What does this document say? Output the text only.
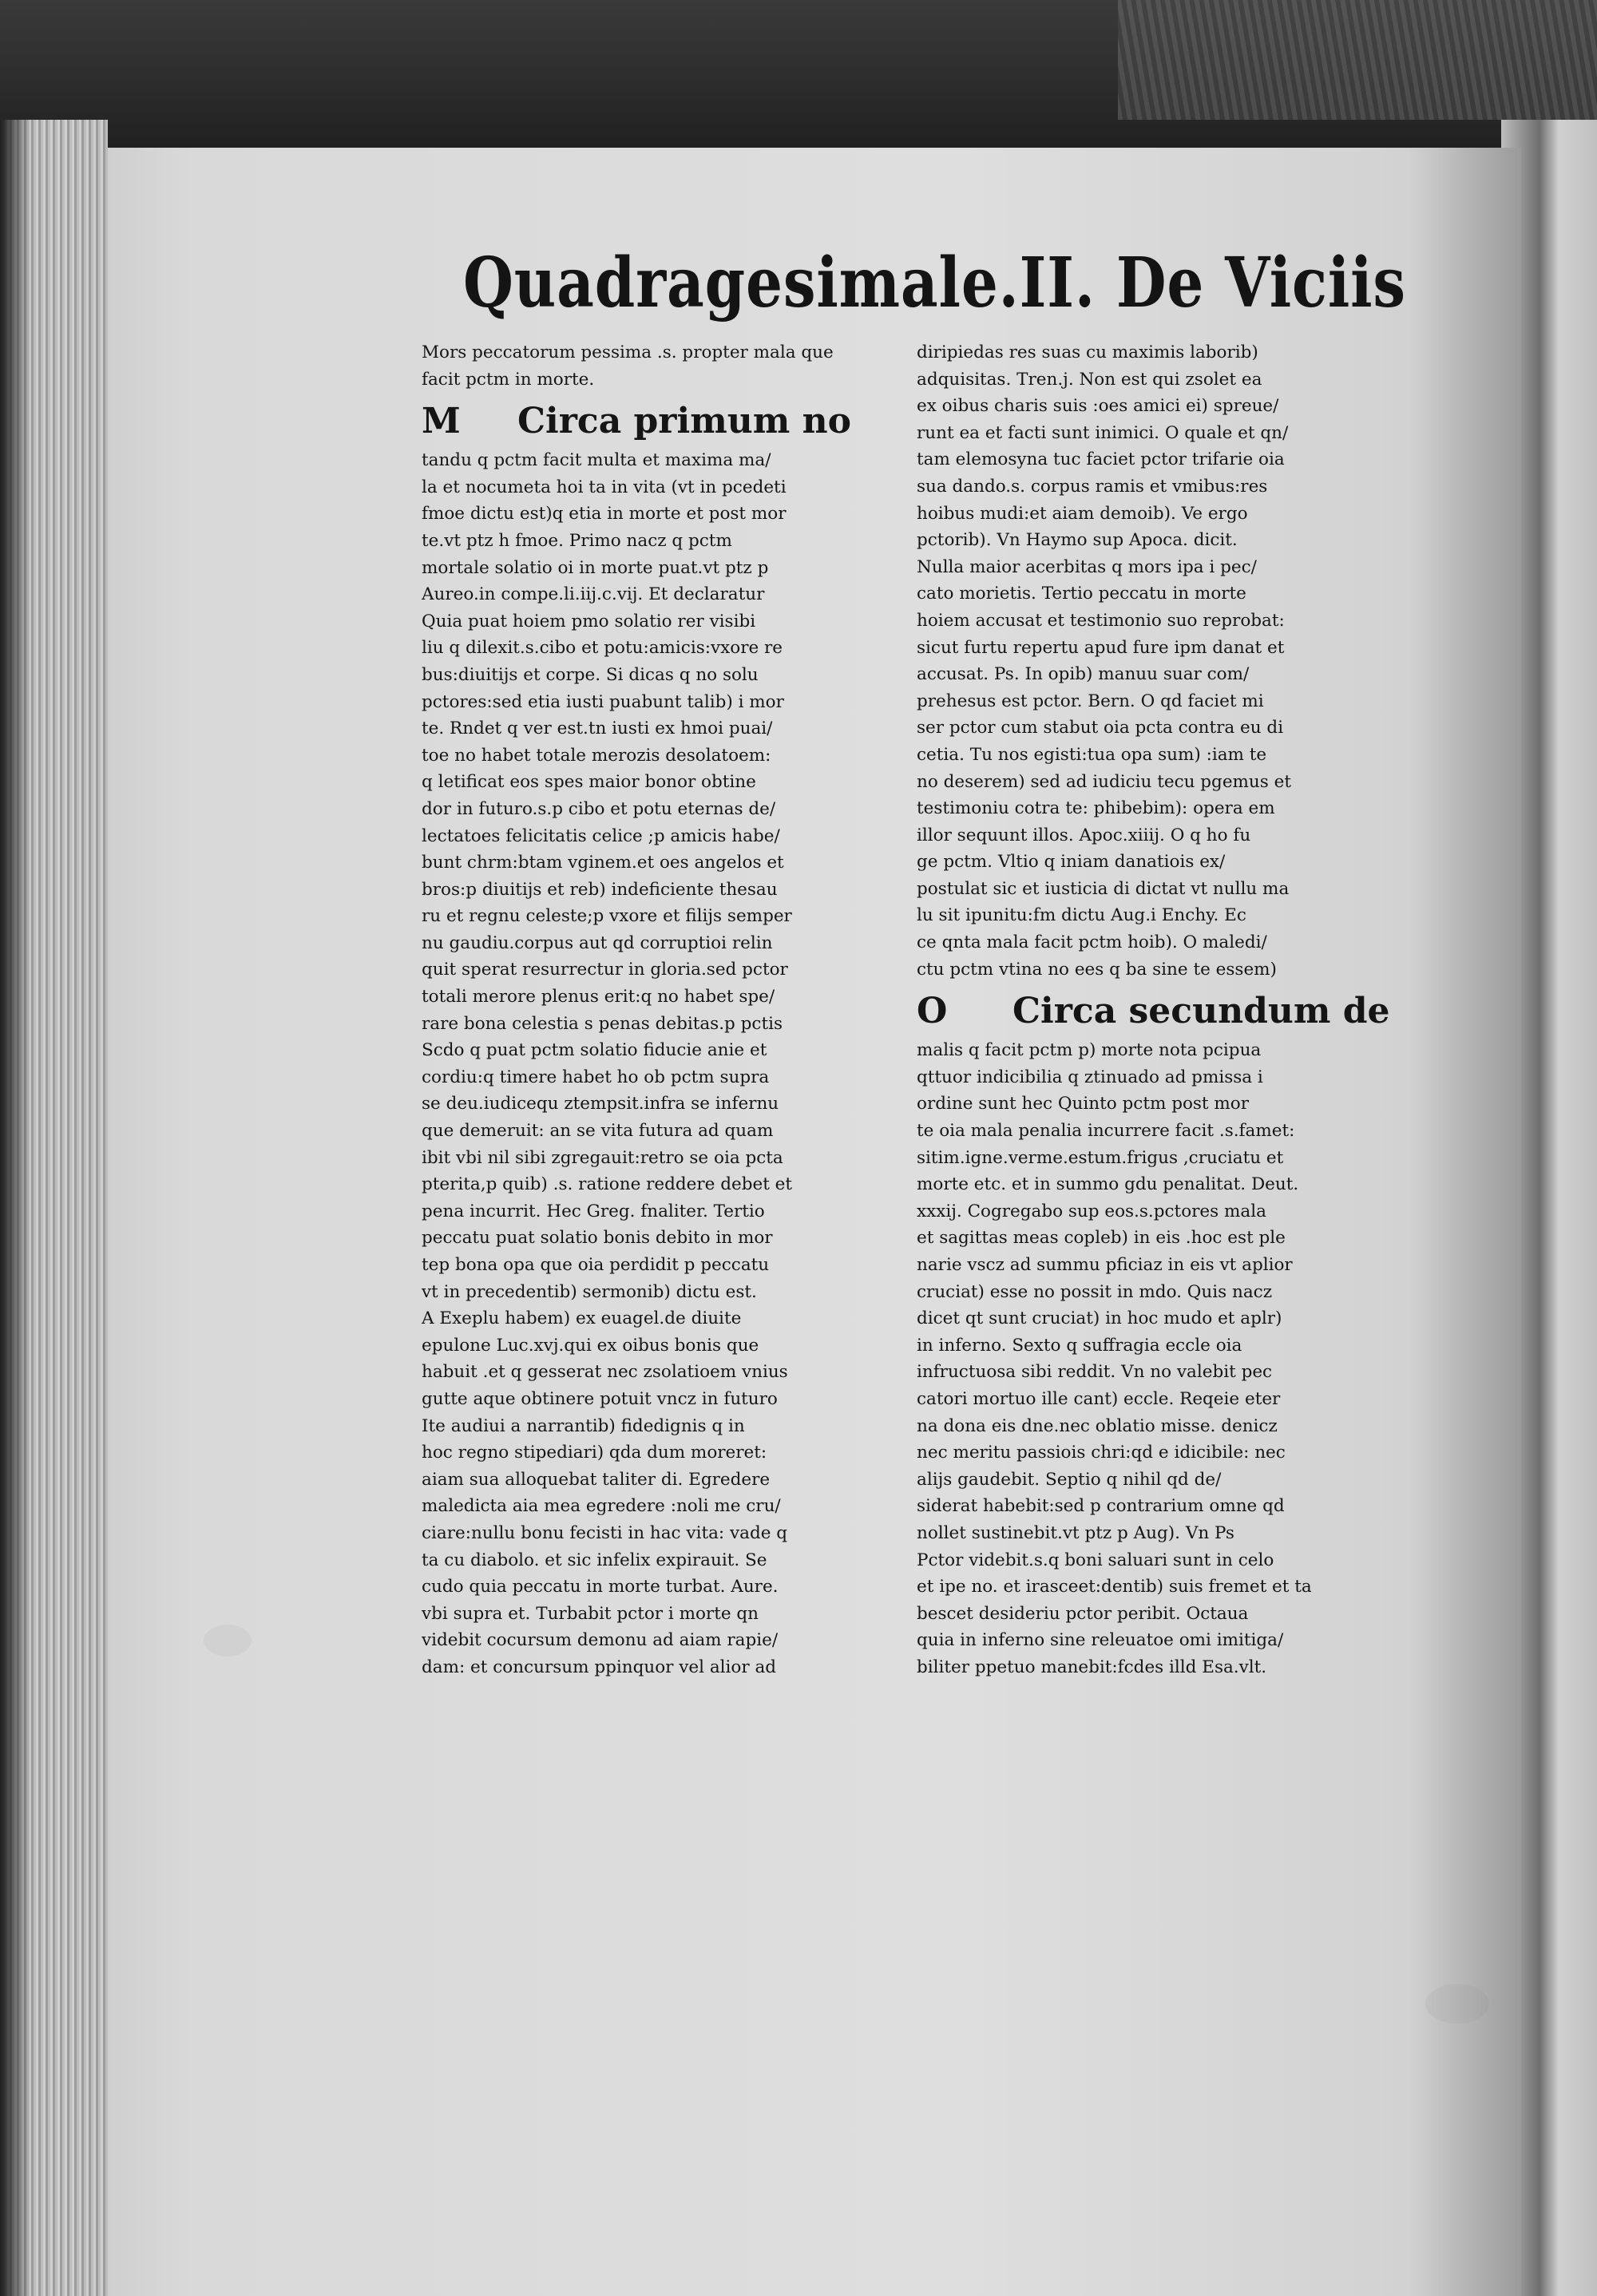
Quadragesimale.II. De Viciis
Mors peccatorum pessima .s. propter mala que
facit pctm in morte.
M Circa primum no
tandu q pctm facit multa et maxima ma/
la et nocumeta hoi ta in vita (vt in pcedeti
fmoe dictu est)q etia in morte et post mor
te.vt ptz h fmoe. Primo nacz q pctm
mortale solatio oi in morte puat.vt ptz p
Aureo.in compe.li.iij.c.vij. Et declaratur
Quia puat hoiem pmo solatio rer visibi
liu q dilexit.s.cibo et potu:amicis:vxore re
bus:diuitijs et corpe. Si dicas q no solu
pctores:sed etia iusti puabunt talib) i mor
te. Rndet q ver est.tn iusti ex hmoi puai/
toe no habet totale merozis desolatoem:
q letificat eos spes maior bonor obtine
dor in futuro.s.p cibo et potu eternas de/
lectatoes felicitatis celice ;p amicis habe/
bunt chrm:btam vginem.et oes angelos et
bros:p diuitijs et reb) indeficiente thesau
ru et regnu celeste;p vxore et filijs semper
nu gaudiu.corpus aut qd corruptioi relin
quit sperat resurrectur in gloria.sed pctor
totali merore plenus erit:q no habet spe/
rare bona celestia s penas debitas.p pctis
Scdo q puat pctm solatio fiducie anie et
cordiu:q timere habet ho ob pctm supra
se deu.iudicequ ztempsit.infra se infernu
que demeruit: an se vita futura ad quam
ibit vbi nil sibi zgregauit:retro se oia pcta
pterita,p quib) .s. ratione reddere debet et
pena incurrit. Hec Greg. fnaliter. Tertio
peccatu puat solatio bonis debito in mor
tep bona opa que oia perdidit p peccatu
vt in precedentib) sermonib) dictu est.
A Exeplu habem) ex euagel.de diuite
epulone Luc.xvj.qui ex oibus bonis que
habuit .et q gesserat nec zsolatioem vnius
gutte aque obtinere potuit vncz in futuro
Ite audiui a narrantib) fidedignis q in
hoc regno stipediari) qda dum moreret:
aiam sua alloquebat taliter di. Egredere
maledicta aia mea egredere :noli me cru/
ciare:nullu bonu fecisti in hac vita: vade q
ta cu diabolo. et sic infelix expirauit. Se
cudo quia peccatu in morte turbat. Aure.
vbi supra et. Turbabit pctor i morte qn
videbit cocursum demonu ad aiam rapie/
dam: et concursum ppinquor vel alior ad
diripiedas res suas cu maximis laborib)
adquisitas. Tren.j. Non est qui zsolet ea
ex oibus charis suis :oes amici ei) spreue/
runt ea et facti sunt inimici. O quale et qn/
tam elemosyna tuc faciet pctor trifarie oia
sua dando.s. corpus ramis et vmibus:res
hoibus mudi:et aiam demoib). Ve ergo
pctorib). Vn Haymo sup Apoca. dicit.
Nulla maior acerbitas q mors ipa i pec/
cato morietis. Tertio peccatu in morte
hoiem accusat et testimonio suo reprobat:
sicut furtu repertu apud fure ipm danat et
accusat. Ps. In opib) manuu suar com/
prehesus est pctor. Bern. O qd faciet mi
ser pctor cum stabut oia pcta contra eu di
cetia. Tu nos egisti:tua opa sum) :iam te
no deserem) sed ad iudiciu tecu pgemus et
testimoniu cotra te: phibebim): opera em
illor sequunt illos. Apoc.xiiij. O q ho fu
ge pctm. Vltio q iniam danatiois ex/
postulat sic et iusticia di dictat vt nullu ma
lu sit ipunitu:fm dictu Aug.i Enchy. Ec
ce qnta mala facit pctm hoib). O maledi/
ctu pctm vtina no ees q ba sine te essem)
O Circa secundum de
malis q facit pctm p) morte nota pcipua
qttuor indicibilia q ztinuado ad pmissa i
ordine sunt hec Quinto pctm post mor
te oia mala penalia incurrere facit .s.famet:
sitim.igne.verme.estum.frigus ,cruciatu et
morte etc. et in summo gdu penalitat. Deut.
xxxij. Cogregabo sup eos.s.pctores mala
et sagittas meas copleb) in eis .hoc est ple
narie vscz ad summu pficiaz in eis vt aplior
cruciat) esse no possit in mdo. Quis nacz
dicet qt sunt cruciat) in hoc mudo et aplr)
in inferno. Sexto q suffragia eccle oia
infructuosa sibi reddit. Vn no valebit pec
catori mortuo ille cant) eccle. Reqeie eter
na dona eis dne.nec oblatio misse. denicz
nec meritu passiois chri:qd e idicibile: nec
alijs gaudebit. Septio q nihil qd de/
siderat habebit:sed p contrarium omne qd
nollet sustinebit.vt ptz p Aug). Vn Ps
Pctor videbit.s.q boni saluari sunt in celo
et ipe no. et irasceet:dentib) suis fremet et ta
bescet desideriu pctor peribit. Octaua
quia in inferno sine releuatoe omi imitiga/
biliter ppetuo manebit:fcdes illd Esa.vlt.
